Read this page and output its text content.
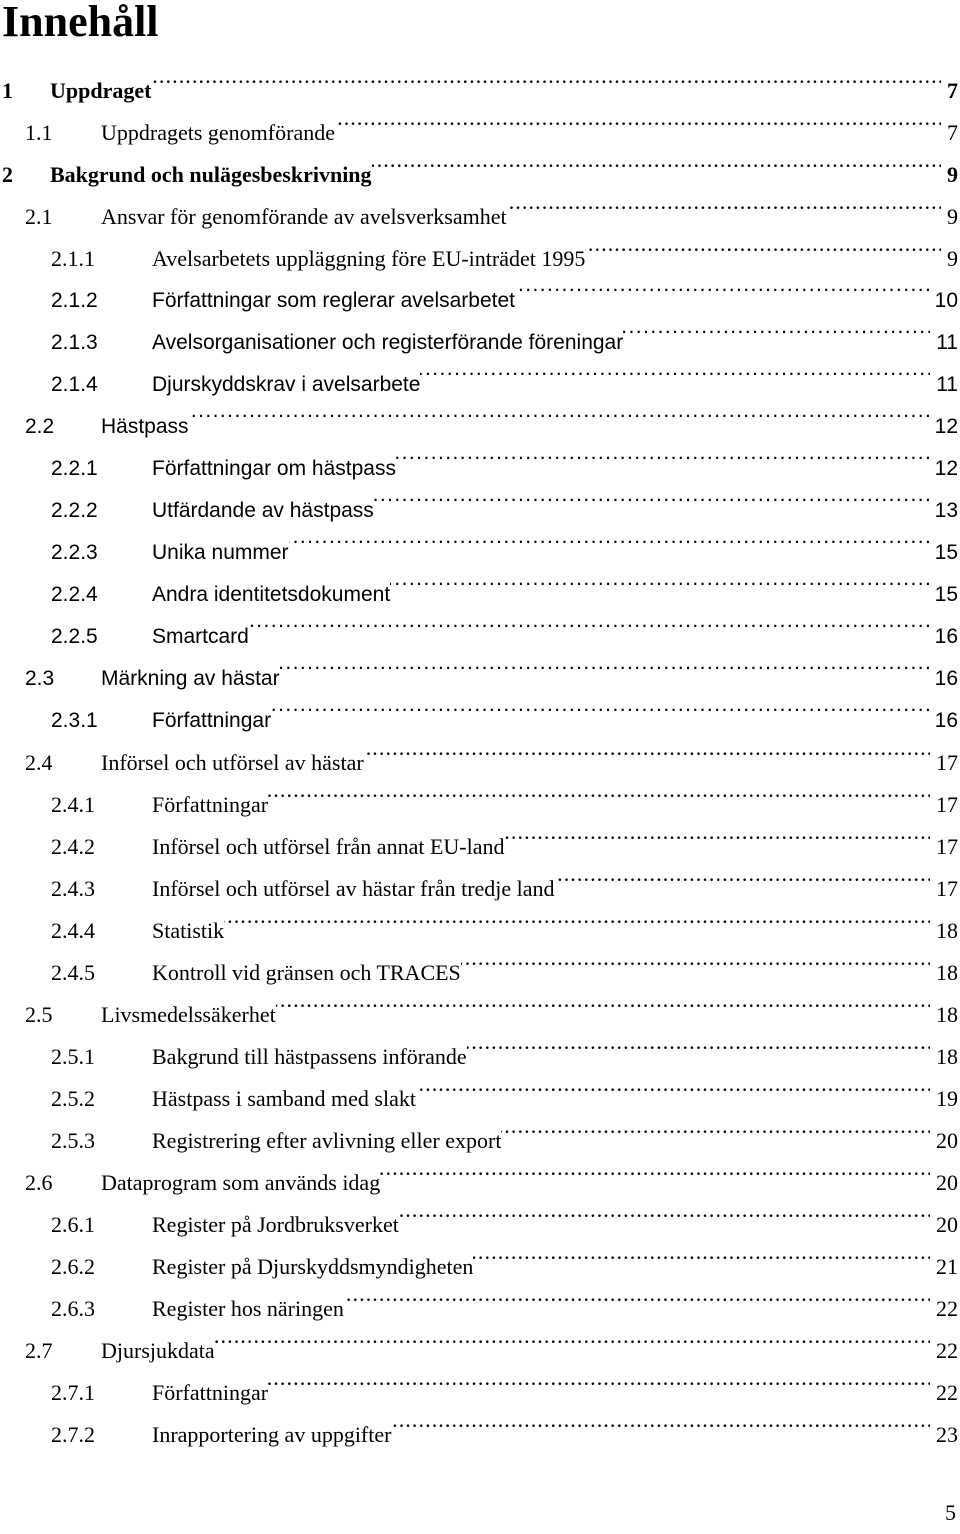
Innehåll
1	Uppdraget . . .	7
1.1	Uppdragets genomförande . . .	7
2	Bakgrund och nulägesbeskrivning . . .	9
2.1	Ansvar för genomförande av avelsverksamhet . . .	9
2.1.1	Avelsarbetets uppläggning före EU-inträdet 1995 . . .	9
2.1.2	Författningar som reglerar avelsarbetet . . .	10
2.1.3	Avelsorganisationer och registerförande föreningar . . .	11
2.1.4	Djurskyddskrav i avelsarbete . . .	11
2.2	Hästpass . . .	12
2.2.1	Författningar om hästpass . . .	12
2.2.2	Utfärdande av hästpass . . .	13
2.2.3	Unika nummer . . .	15
2.2.4	Andra identitetsdokument . . .	15
2.2.5	Smartcard . . .	16
2.3	Märkning av hästar . . .	16
2.3.1	Författningar . . .	16
2.4	Införsel och utförsel av hästar . . .	17
2.4.1	Författningar . . .	17
2.4.2	Införsel och utförsel från annat EU-land . . .	17
2.4.3	Införsel och utförsel av hästar från tredje land . . .	17
2.4.4	Statistik . . .	18
2.4.5	Kontroll vid gränsen och TRACES . . .	18
2.5	Livsmedelssäkerhet . . .	18
2.5.1	Bakgrund till hästpassens införande . . .	18
2.5.2	Hästpass i samband med slakt . . .	19
2.5.3	Registrering efter avlivning eller export . . .	20
2.6	Dataprogram som används idag . . .	20
2.6.1	Register på Jordbruksverket . . .	20
2.6.2	Register på Djurskyddsmyndigheten . . .	21
2.6.3	Register hos näringen . . .	22
2.7	Djursjukdata . . .	22
2.7.1	Författningar . . .	22
2.7.2	Inrapportering av uppgifter . . .	23
5
